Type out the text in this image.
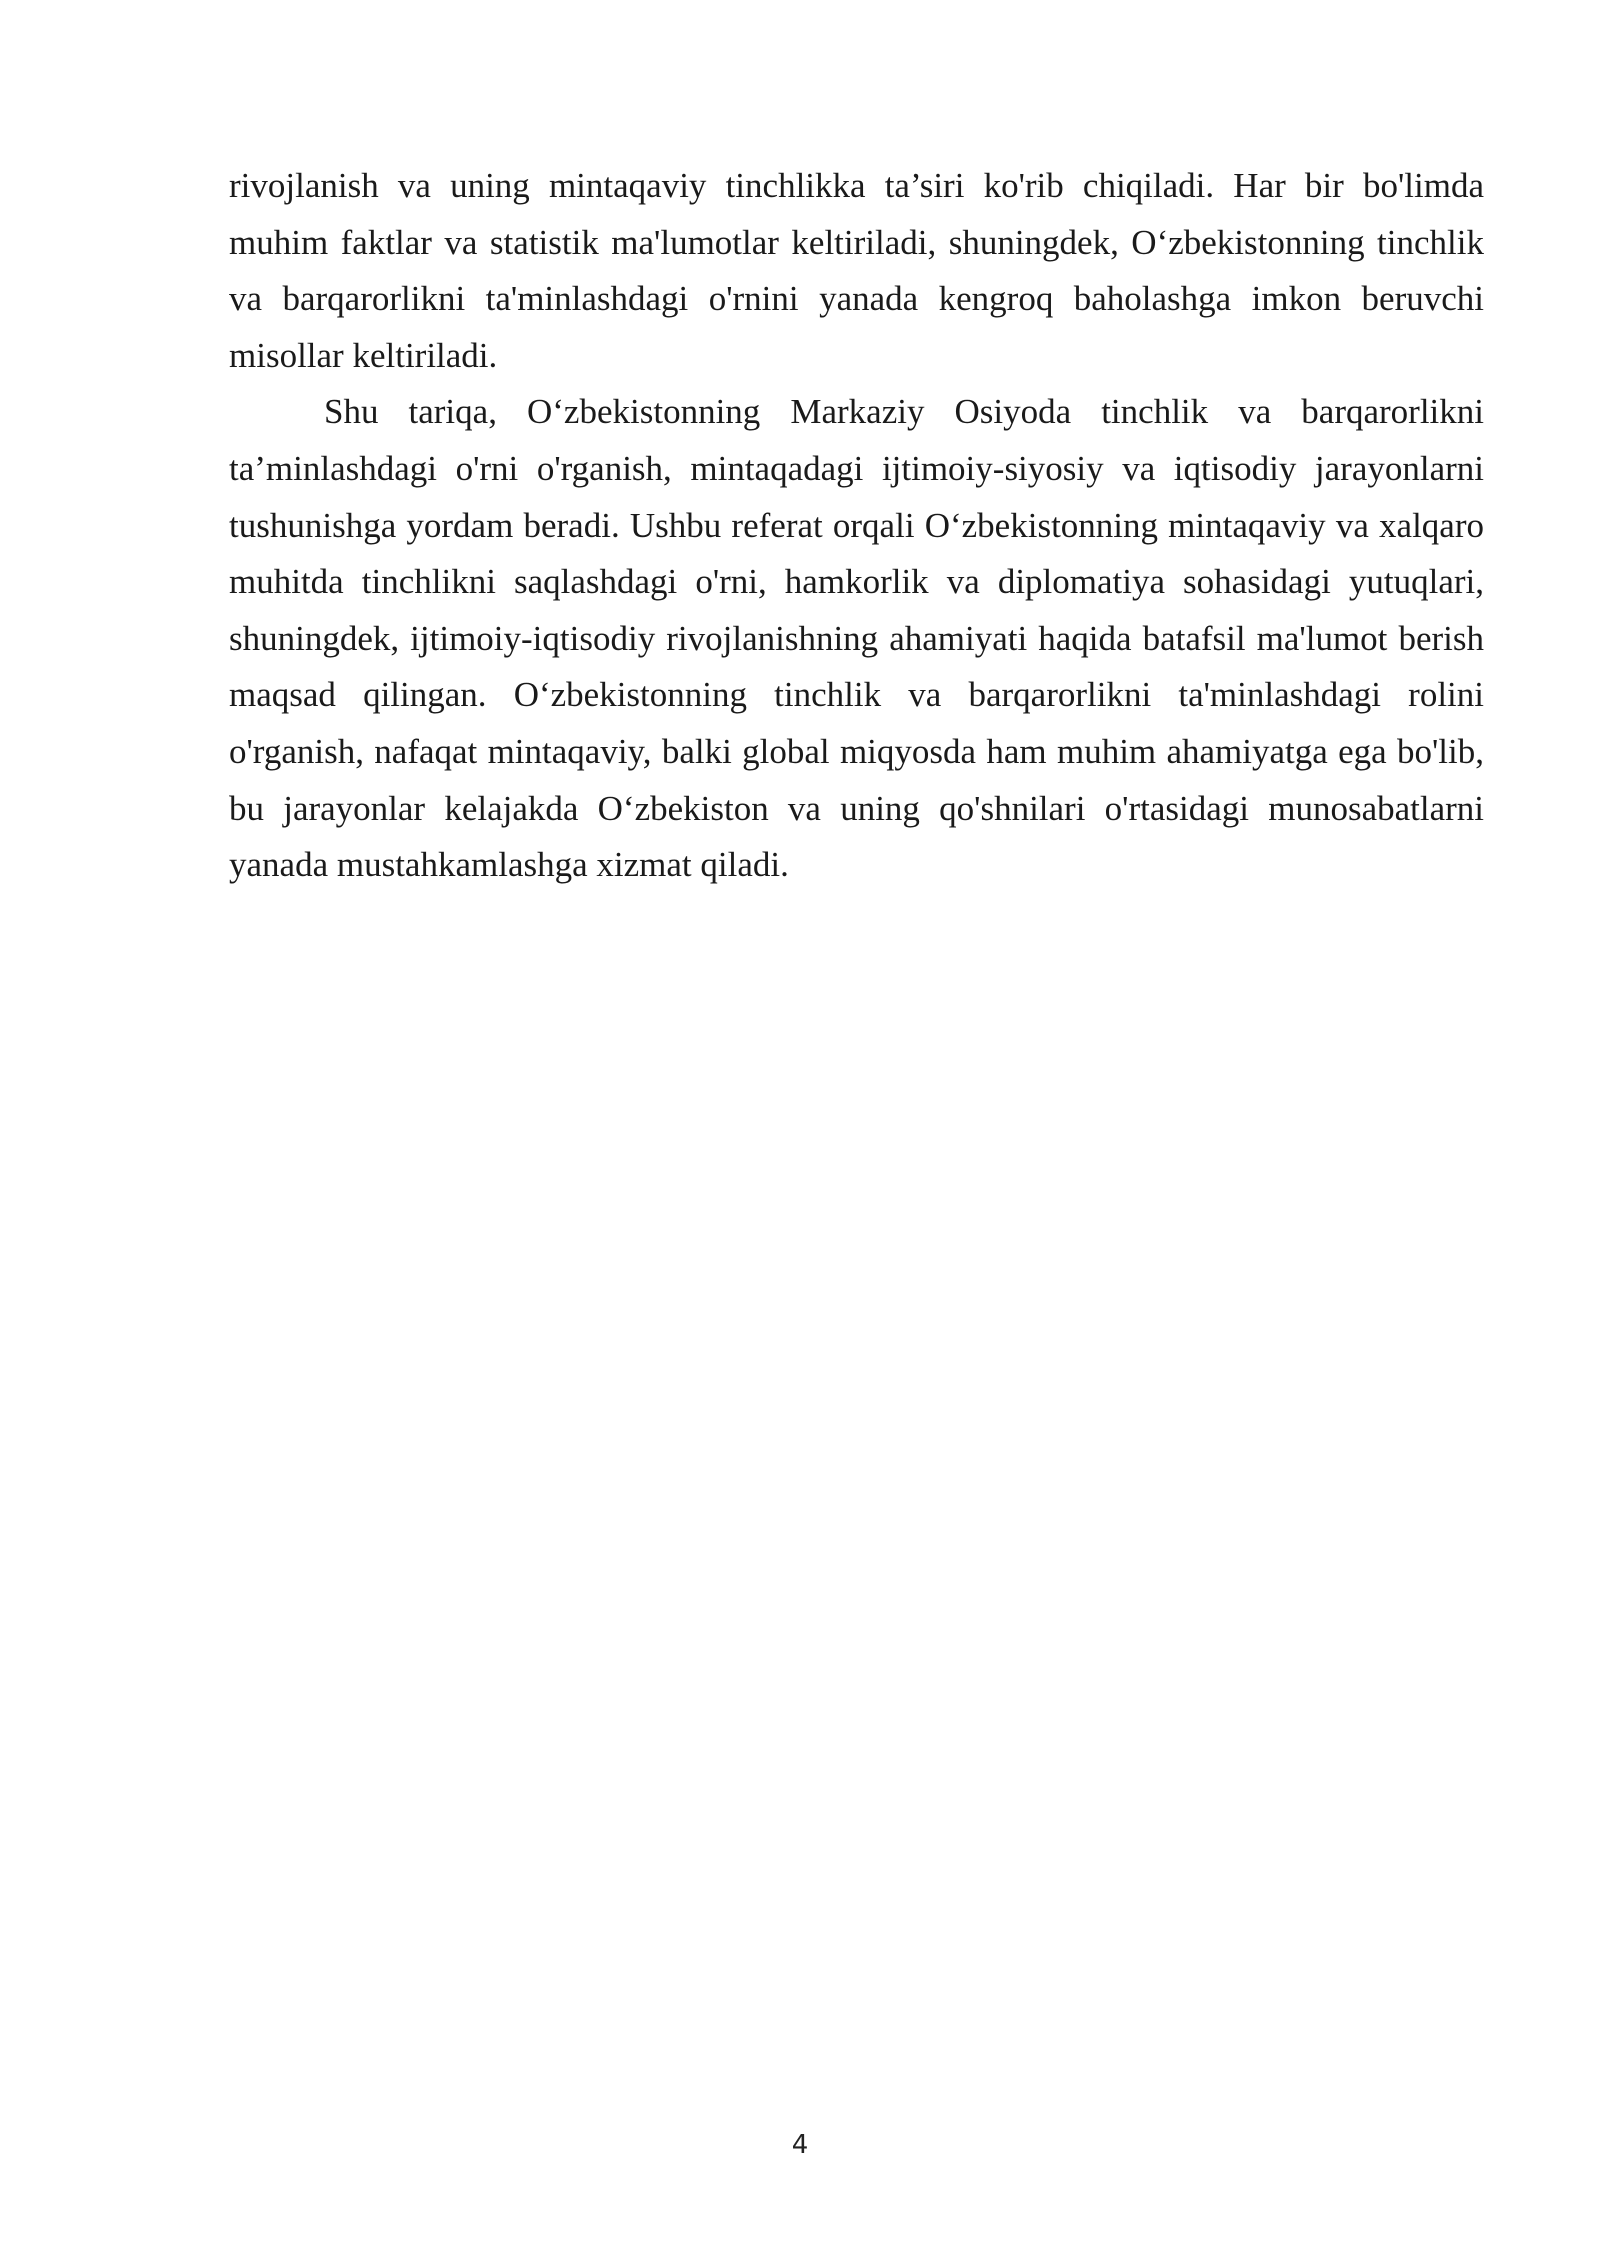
rivojlanish va uning mintaqaviy tinchlikka ta’siri ko'rib chiqiladi. Har bir bo'limda muhim faktlar va statistik ma'lumotlar keltiriladi, shuningdek, O‘zbekistonning tinchlik va barqarorlikni ta'minlashdagi o'rnini yanada kengroq baholashga imkon beruvchi misollar keltiriladi.

Shu tariqa, O‘zbekistonning Markaziy Osiyoda tinchlik va barqarorlikni ta’minlashdagi o'rni o'rganish, mintaqadagi ijtimoiy-siyosiy va iqtisodiy jarayonlarni tushunishga yordam beradi. Ushbu referat orqali O‘zbekistonning mintaqaviy va xalqaro muhitda tinchlikni saqlashdagi o'rni, hamkorlik va diplomatiya sohasidagi yutuqlari, shuningdek, ijtimoiy-iqtisodiy rivojlanishning ahamiyati haqida batafsil ma'lumot berish maqsad qilingan. O‘zbekistonning tinchlik va barqarorlikni ta'minlashdagi rolini o'rganish, nafaqat mintaqaviy, balki global miqyosda ham muhim ahamiyatga ega bo'lib, bu jarayonlar kelajakda O‘zbekiston va uning qo'shnilari o'rtasidagi munosabatlarni yanada mustahkamlashga xizmat qiladi.

4
